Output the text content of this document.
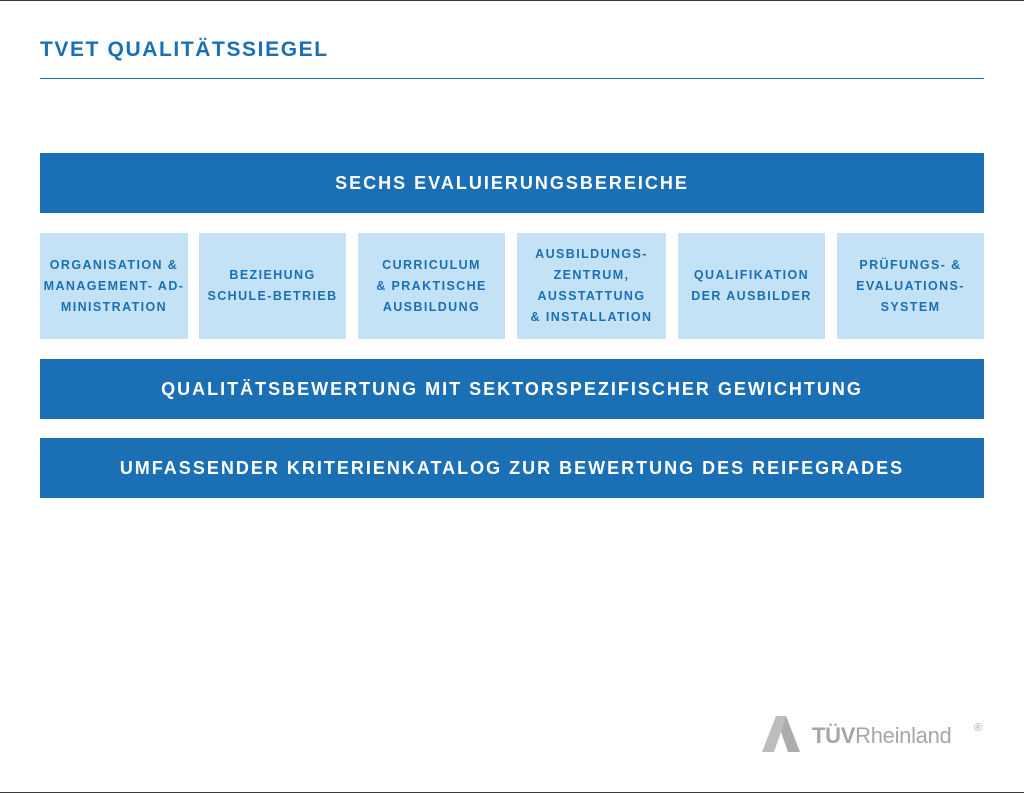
TVET QUALITÄTSSIEGEL
SECHS EVALUIERUNGSBEREICHE
ORGANISATION &
MANAGEMENT- AD-
MINISTRATION
BEZIEHUNG
SCHULE-BETRIEB
CURRICULUM
& PRAKTISCHE
AUSBILDUNG
AUSBILDUNGS-
ZENTRUM,
AUSSTATTUNG
& INSTALLATION
QUALIFIKATION
DER AUSBILDER
PRÜFUNGS- &
EVALUATIONS-
SYSTEM
QUALITÄTSBEWERTUNG MIT SEKTORSPEZIFISCHER GEWICHTUNG
UMFASSENDER KRITERIENKATALOG ZUR BEWERTUNG DES REIFEGRADES
TÜVRheinland ®
